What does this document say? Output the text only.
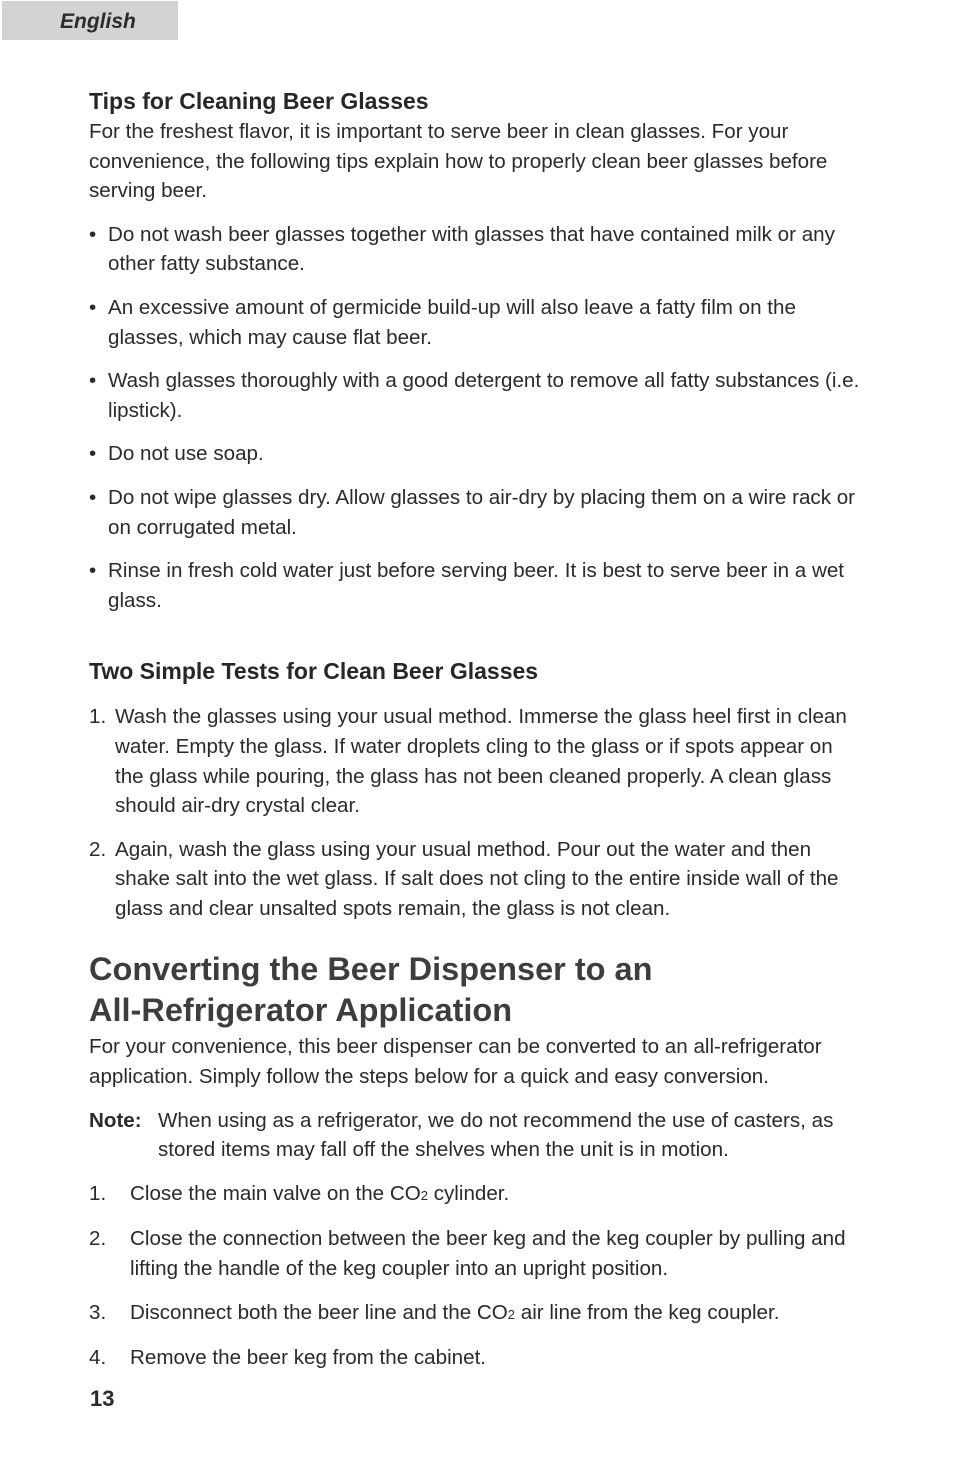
English
Tips for Cleaning Beer Glasses

For the freshest flavor, it is important to serve beer in clean glasses. For your convenience, the following tips explain how to properly clean beer glasses before serving beer.

• Do not wash beer glasses together with glasses that have contained milk or any other fatty substance.
• An excessive amount of germicide build-up will also leave a fatty film on the glasses, which may cause flat beer.
• Wash glasses thoroughly with a good detergent to remove all fatty substances (i.e. lipstick).
• Do not use soap.
• Do not wipe glasses dry. Allow glasses to air-dry by placing them on a wire rack or on corrugated metal.
• Rinse in fresh cold water just before serving beer. It is best to serve beer in a wet glass.
Two Simple Tests for Clean Beer Glasses
1. Wash the glasses using your usual method. Immerse the glass heel first in clean water. Empty the glass. If water droplets cling to the glass or if spots appear on the glass while pouring, the glass has not been cleaned properly. A clean glass should air-dry crystal clear.
2. Again, wash the glass using your usual method. Pour out the water and then shake salt into the wet glass. If salt does not cling to the entire inside wall of the glass and clear unsalted spots remain, the glass is not clean.
Converting the Beer Dispenser to an
All-Refrigerator Application

For your convenience, this beer dispenser can be converted to an all-refrigerator application. Simply follow the steps below for a quick and easy conversion.

Note: When using as a refrigerator, we do not recommend the use of casters, as stored items may fall off the shelves when the unit is in motion.

1. Close the main valve on the CO2 cylinder.
2. Close the connection between the beer keg and the keg coupler by pulling and lifting the handle of the keg coupler into an upright position.
3. Disconnect both the beer line and the CO2 air line from the keg coupler.
4. Remove the beer keg from the cabinet.
13
